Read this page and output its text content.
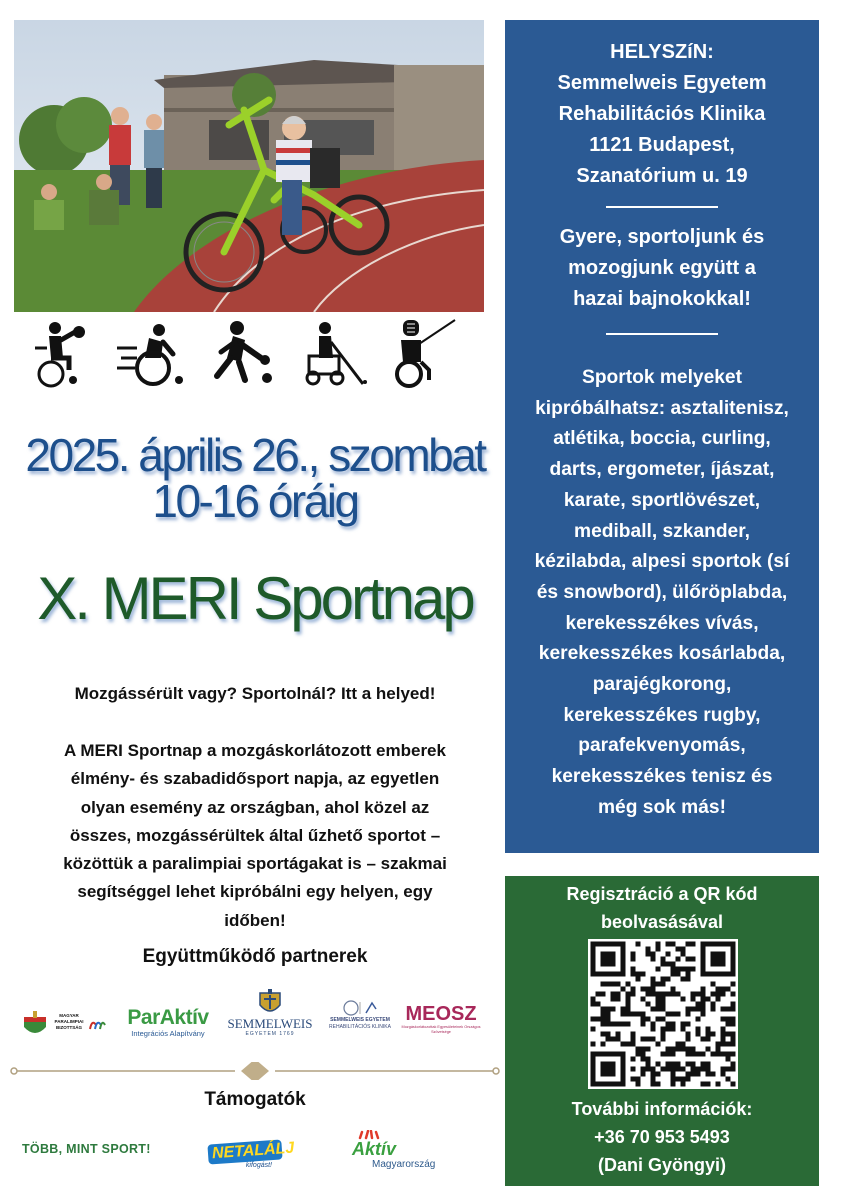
2025. április 26., szombat
10-16 óráig
X. MERI Sportnap
Mozgássérült vagy? Sportolnál? Itt a helyed!
A MERI Sportnap a mozgáskorlátozott emberek
élmény- és szabadidősport napja, az egyetlen
olyan esemény az országban, ahol közel az
összes, mozgássérültek által űzhető sportot –
közöttük a paralimpiai sportágakat is – szakmai
segítséggel lehet kipróbálni egy helyen, egy
időben!
Együttműködő partnerek
MAGYAR
PARALIMPIAI
BIZOTTSÁG	ParAktív
Integrációs Alapítvány
SEMMELWEIS
EGYETEM 1769
SEMMELWEIS EGYETEM
REHABILITÁCIÓS KLINIKA
MEOSZ
Mozgáskorlátozottak Egyesületeinek Országos Szövetsége
Támogatók
TÖBB, MINT SPORT!	NETALÁLJ
kifogást!
Aktív
Magyarország
HELYSZíN:
Semmelweis Egyetem
Rehabilitációs Klinika
1121 Budapest,
Szanatórium u. 19
Gyere, sportoljunk és
mozogjunk együtt a
hazai bajnokokkal!
Sportok melyeket
kipróbálhatsz: asztalitenisz,
atlétika, boccia, curling,
darts, ergometer, íjászat,
karate, sportlövészet,
mediball, szkander,
kézilabda, alpesi sportok (sí
és snowbord), ülőröplabda,
kerekesszékes vívás,
kerekesszékes kosárlabda,
parajégkorong,
kerekesszékes rugby,
parafekvenyomás,
kerekesszékes tenisz és
még sok más!
Regisztráció a QR kód
beolvasásával
További információk:
+36 70 953 5493
(Dani Gyöngyi)
